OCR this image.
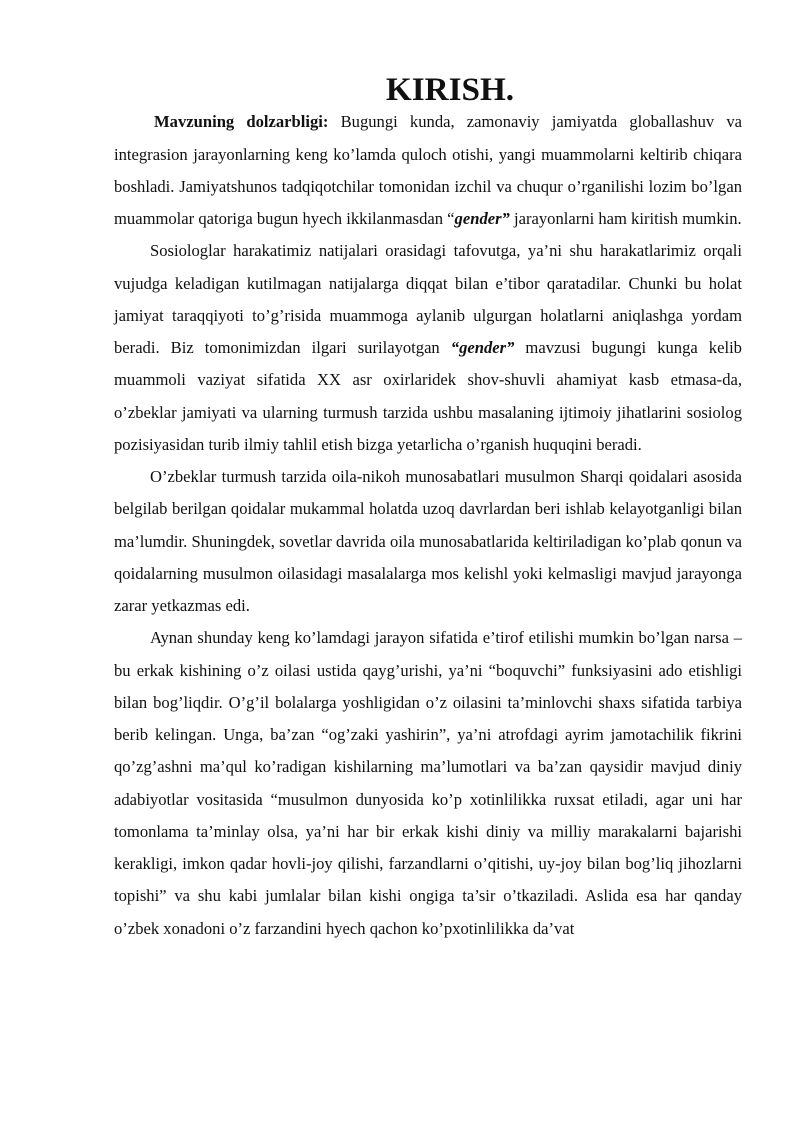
KIRISH.

Mavzuning dolzarbligi: Bugungi kunda, zamonaviy jamiyatda globallashuv va integrasion jarayonlarning keng ko’lamda quloch otishi, yangi muammolarni keltirib chiqara boshladi. Jamiyatshunos tadqiqotchilar tomonidan izchil va chuqur o’rganilishi lozim bo’lgan muammolar qatoriga bugun hyech ikkilanmasdan “gender” jarayonlarni ham kiritish mumkin.

Sosiologlar harakatimiz natijalari orasidagi tafovutga, ya’ni shu harakatlarimiz orqali vujudga keladigan kutilmagan natijalarga diqqat bilan e’tibor qaratadilar. Chunki bu holat jamiyat taraqqiyoti to’g’risida muammoga aylanib ulgurgan holatlarni aniqlashga yordam beradi. Biz tomonimizdan ilgari surilayotgan “gender” mavzusi bugungi kunga kelib muammoli vaziyat sifatida XX asr oxirlaridek shov-shuvli ahamiyat kasb etmasa-da, o’zbeklar jamiyati va ularning turmush tarzida ushbu masalaning ijtimoiy jihatlarini sosiolog pozisiyasidan turib ilmiy tahlil etish bizga yetarlicha o’rganish huquqini beradi.

O’zbeklar turmush tarzida oila-nikoh munosabatlari musulmon Sharqi qoidalari asosida belgilab berilgan qoidalar mukammal holatda uzoq davrlardan beri ishlab kelayotganligi bilan ma’lumdir. Shuningdek, sovetlar davrida oila munosabatlarida keltiriladigan ko’plab qonun va qoidalarning musulmon oilasidagi masalalarga mos kelishl yoki kelmasligi mavjud jarayonga zarar yetkazmas edi.

Aynan shunday keng ko’lamdagi jarayon sifatida e’tirof etilishi mumkin bo’lgan narsa – bu erkak kishining o’z oilasi ustida qayg’urishi, ya’ni “boquvchi” funksiyasini ado etishligi bilan bog’liqdir. O’g’il bolalarga yoshligidan o’z oilasini ta’minlovchi shaxs sifatida tarbiya berib kelingan. Unga, ba’zan “og’zaki yashirin”, ya’ni atrofdagi ayrim jamotachilik fikrini qo’zg’ashni ma’qul ko’radigan kishilarning ma’lumotlari va ba’zan qaysidir mavjud diniy adabiyotlar vositasida “musulmon dunyosida ko’p xotinlilikka ruxsat etiladi, agar uni har tomonlama ta’minlay olsa, ya’ni har bir erkak kishi diniy va milliy marakalarni bajarishi kerakligi, imkon qadar hovli-joy qilishi, farzandlarni o’qitishi, uy-joy bilan bog’liq jihozlarni topishi” va shu kabi jumlalar bilan kishi ongiga ta’sir o’tkaziladi. Aslida esa har qanday o’zbek xonadoni o’z farzandini hyech qachon ko’pxotinlilikka da’vat
